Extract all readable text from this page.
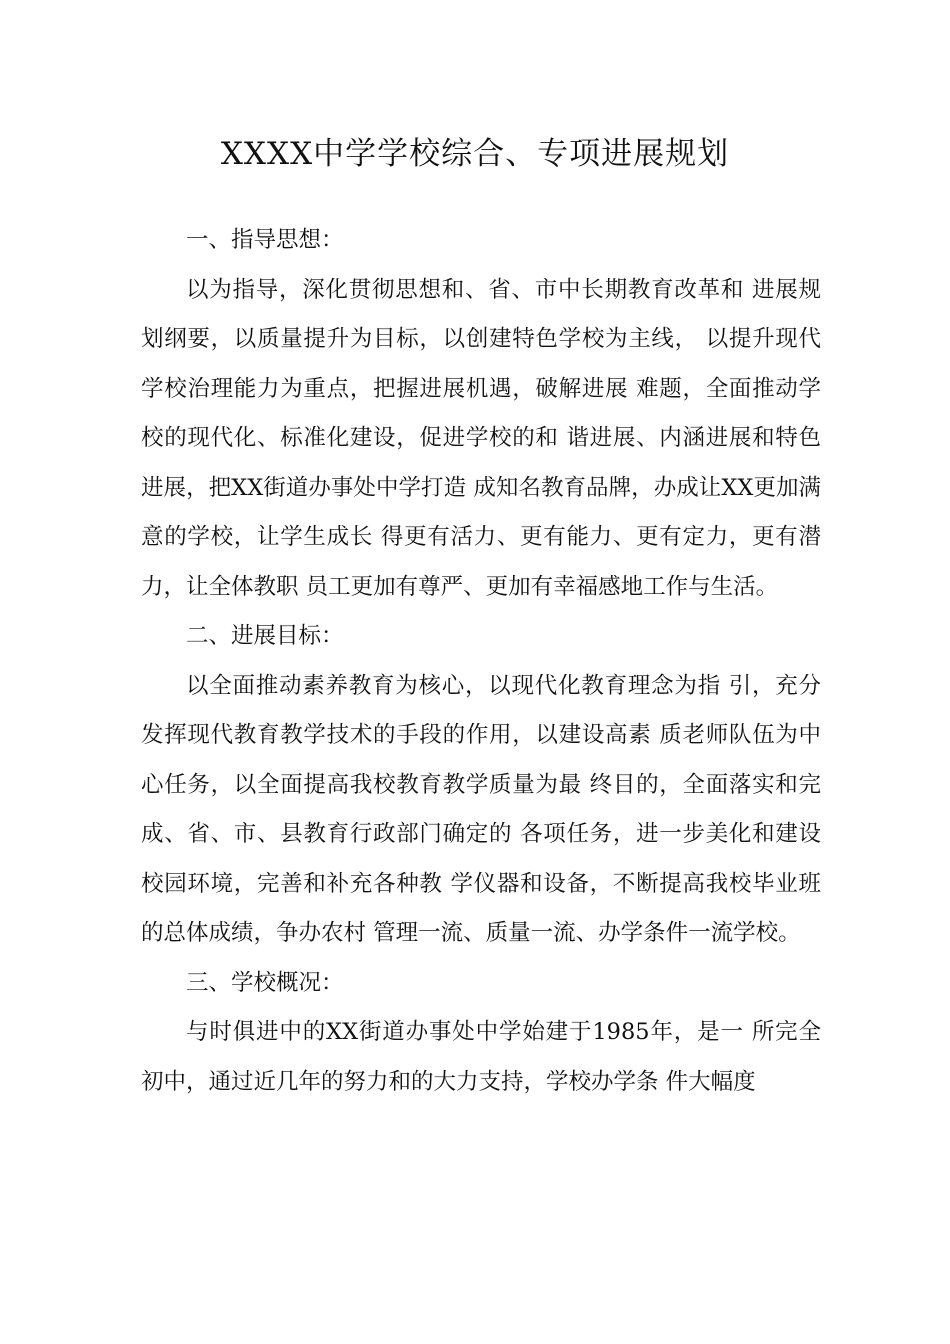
XXXX中学学校综合、专项进展规划

一、指导思想：

以为指导，深化贯彻思想和、省、市中长期教育改革和 进展规划纲要，以质量提升为目标，以创建特色学校为主线， 以提升现代学校治理能力为重点，把握进展机遇，破解进展 难题，全面推动学校的现代化、标准化建设，促进学校的和 谐进展、内涵进展和特色进展，把XX街道办事处中学打造 成知名教育品牌，办成让XX更加满意的学校，让学生成长 得更有活力、更有能力、更有定力，更有潜力，让全体教职 员工更加有尊严、更加有幸福感地工作与生活。

二、进展目标：

以全面推动素养教育为核心，以现代化教育理念为指 引，充分发挥现代教育教学技术的手段的作用，以建设高素 质老师队伍为中心任务，以全面提高我校教育教学质量为最 终目的，全面落实和完成、省、市、县教育行政部门确定的 各项任务，进一步美化和建设校园环境，完善和补充各种教 学仪器和设备，不断提高我校毕业班的总体成绩，争办农村 管理一流、质量一流、办学条件一流学校。

三、学校概况：

与时俱进中的XX街道办事处中学始建于1985年，是一 所完全初中，通过近几年的努力和的大力支持，学校办学条 件大幅度
